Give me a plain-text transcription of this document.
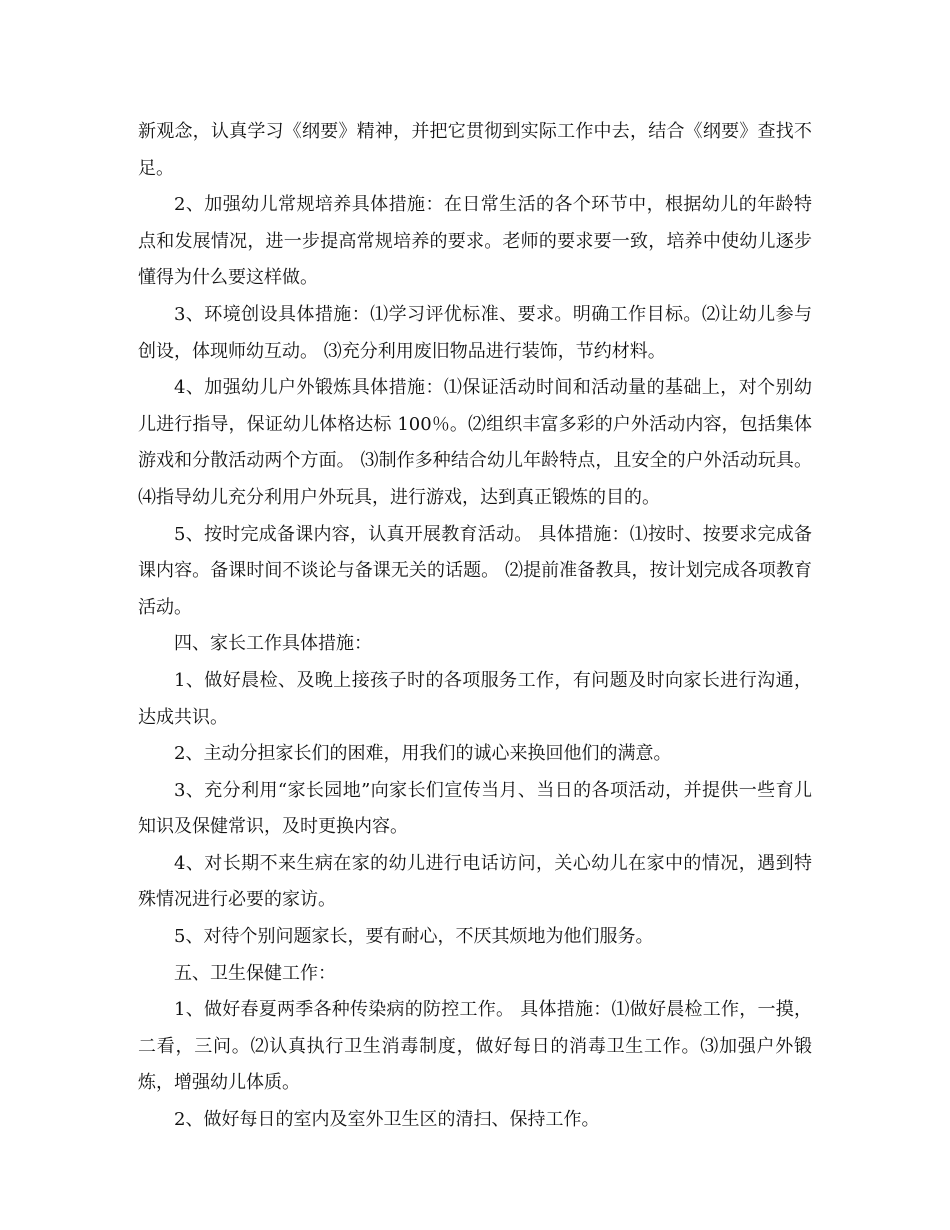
新观念，认真学习《纲要》精神，并把它贯彻到实际工作中去，结合《纲要》查找不足。

2、加强幼儿常规培养具体措施：在日常生活的各个环节中，根据幼儿的年龄特点和发展情况，进一步提高常规培养的要求。老师的要求要一致，培养中使幼儿逐步懂得为什么要这样做。

3、环境创设具体措施：⑴学习评优标准、要求。明确工作目标。⑵让幼儿参与创设，体现师幼互动。 ⑶充分利用废旧物品进行装饰，节约材料。

4、加强幼儿户外锻炼具体措施：⑴保证活动时间和活动量的基础上，对个别幼儿进行指导，保证幼儿体格达标 100％。⑵组织丰富多彩的户外活动内容，包括集体游戏和分散活动两个方面。 ⑶制作多种结合幼儿年龄特点，且安全的户外活动玩具。 ⑷指导幼儿充分利用户外玩具，进行游戏，达到真正锻炼的目的。

5、按时完成备课内容，认真开展教育活动。 具体措施：⑴按时、按要求完成备课内容。备课时间不谈论与备课无关的话题。 ⑵提前准备教具，按计划完成各项教育活动。

四、家长工作具体措施：

1、做好晨检、及晚上接孩子时的各项服务工作，有问题及时向家长进行沟通，达成共识。

2、主动分担家长们的困难，用我们的诚心来换回他们的满意。

3、充分利用“家长园地”向家长们宣传当月、当日的各项活动，并提供一些育儿知识及保健常识，及时更换内容。

4、对长期不来生病在家的幼儿进行电话访问，关心幼儿在家中的情况，遇到特殊情况进行必要的家访。

5、对待个别问题家长，要有耐心，不厌其烦地为他们服务。

五、卫生保健工作：

1、做好春夏两季各种传染病的防控工作。 具体措施：⑴做好晨检工作，一摸，二看，三问。⑵认真执行卫生消毒制度，做好每日的消毒卫生工作。⑶加强户外锻炼，增强幼儿体质。

2、做好每日的室内及室外卫生区的清扫、保持工作。
